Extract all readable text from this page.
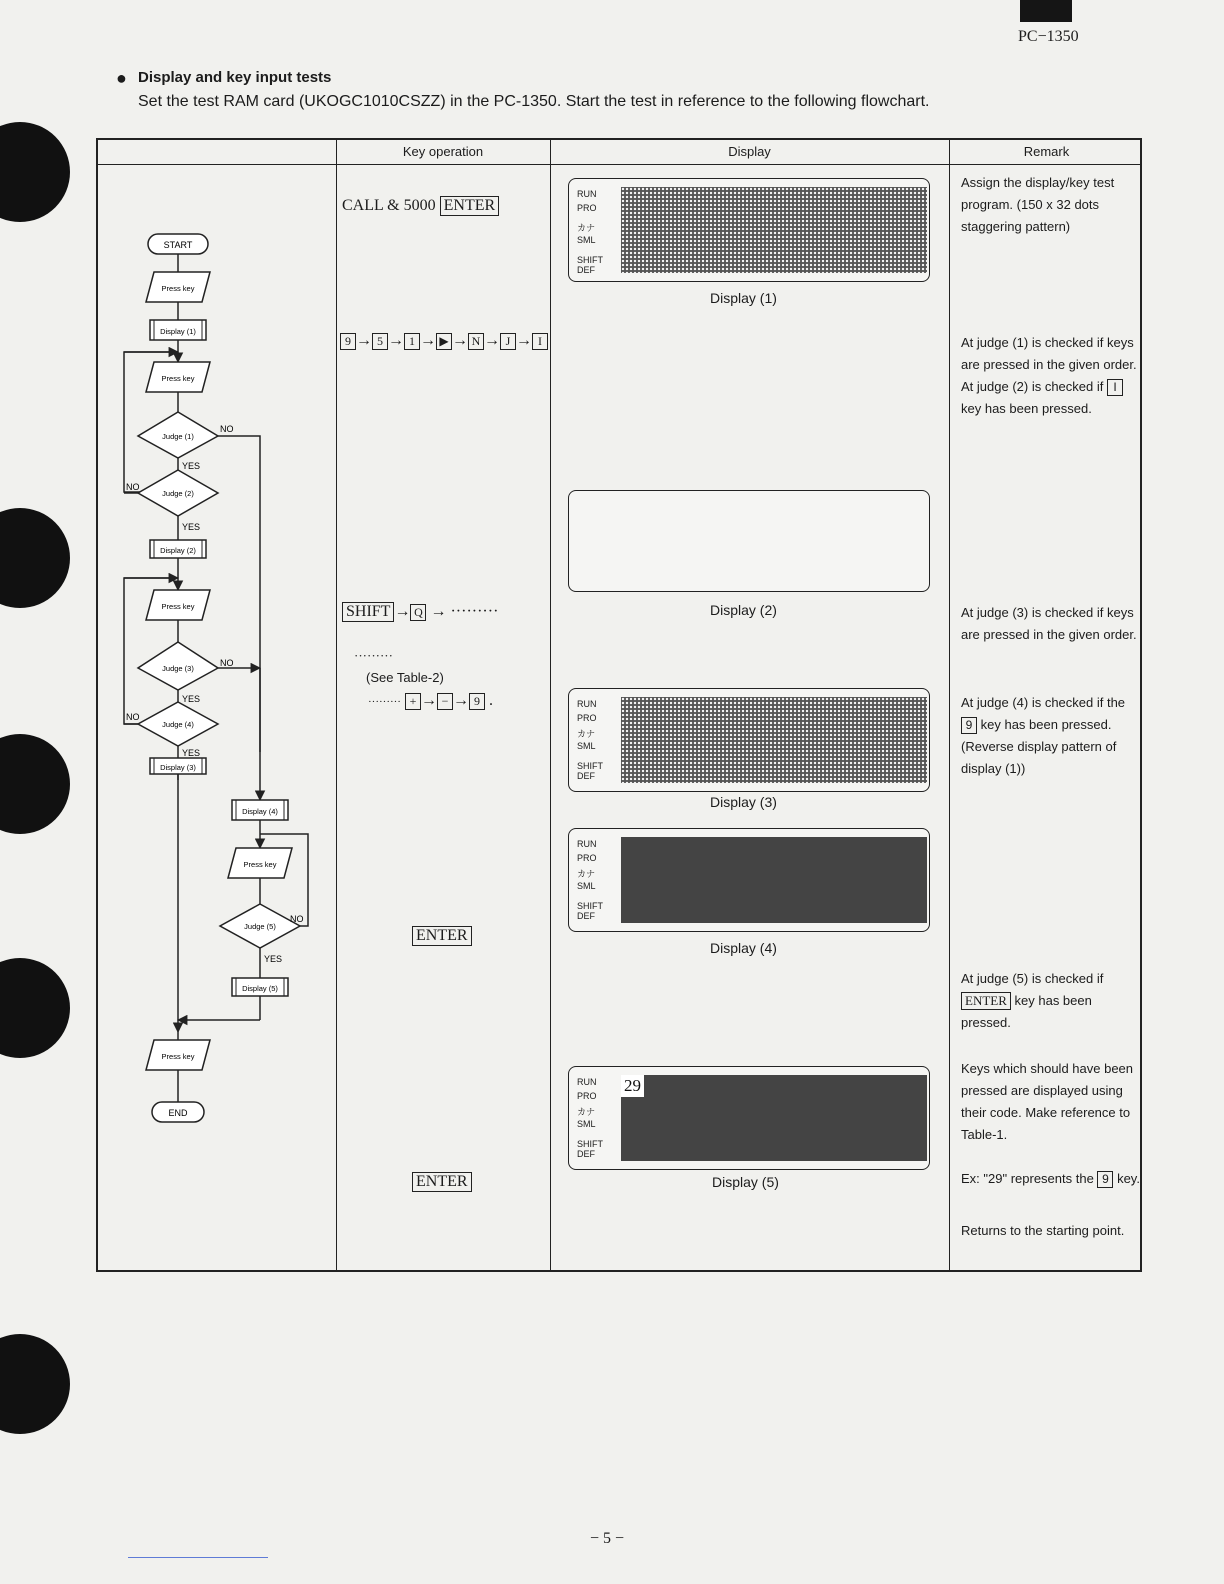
PC−1350
● Display and key input tests
Set the test RAM card (UKOGC1010CSZZ) in the PC-1350. Start the test in reference to the following flowchart.
Key operation	Display	Remark
START
Press key
Display (1)
Press key
Judge (1)
NO
YES
Judge (2)
NO
YES
Display (2)
Press key
Judge (3)
NO
YES
Judge (4)
NO
YES
Display (3)
Display (4)
Press key
Judge (5)
NO
YES
Display (5)
Press key
END
CALL & 5000 ENTER
9 → 5 → 1 → ▶ → N → J → I
SHIFT → Q → ·········
·········
(See Table-2)
········· + → − → 9 .
ENTER
ENTER
RUN
PRO
カナ
SML
SHIFT
DEF
Display (1)
Display (2)
RUN
PRO
カナ
SML
SHIFT
DEF
Display (3)
RUN
PRO
カナ
SML
SHIFT
DEF
Display (4)
RUN
PRO
カナ
SML
SHIFT
DEF
29
Display (5)
Assign the display/key test program. (150 x 32 dots staggering pattern)
At judge (1) is checked if keys are pressed in the given order. At judge (2) is checked if I key has been pressed.
At judge (3) is checked if keys are pressed in the given order.
At judge (4) is checked if the 9 key has been pressed. (Reverse display pattern of display (1))
At judge (5) is checked if ENTER key has been pressed.
Keys which should have been pressed are displayed using their code. Make reference to Table-1.
Ex: "29" represents the 9 key.
Returns to the starting point.
− 5 −
